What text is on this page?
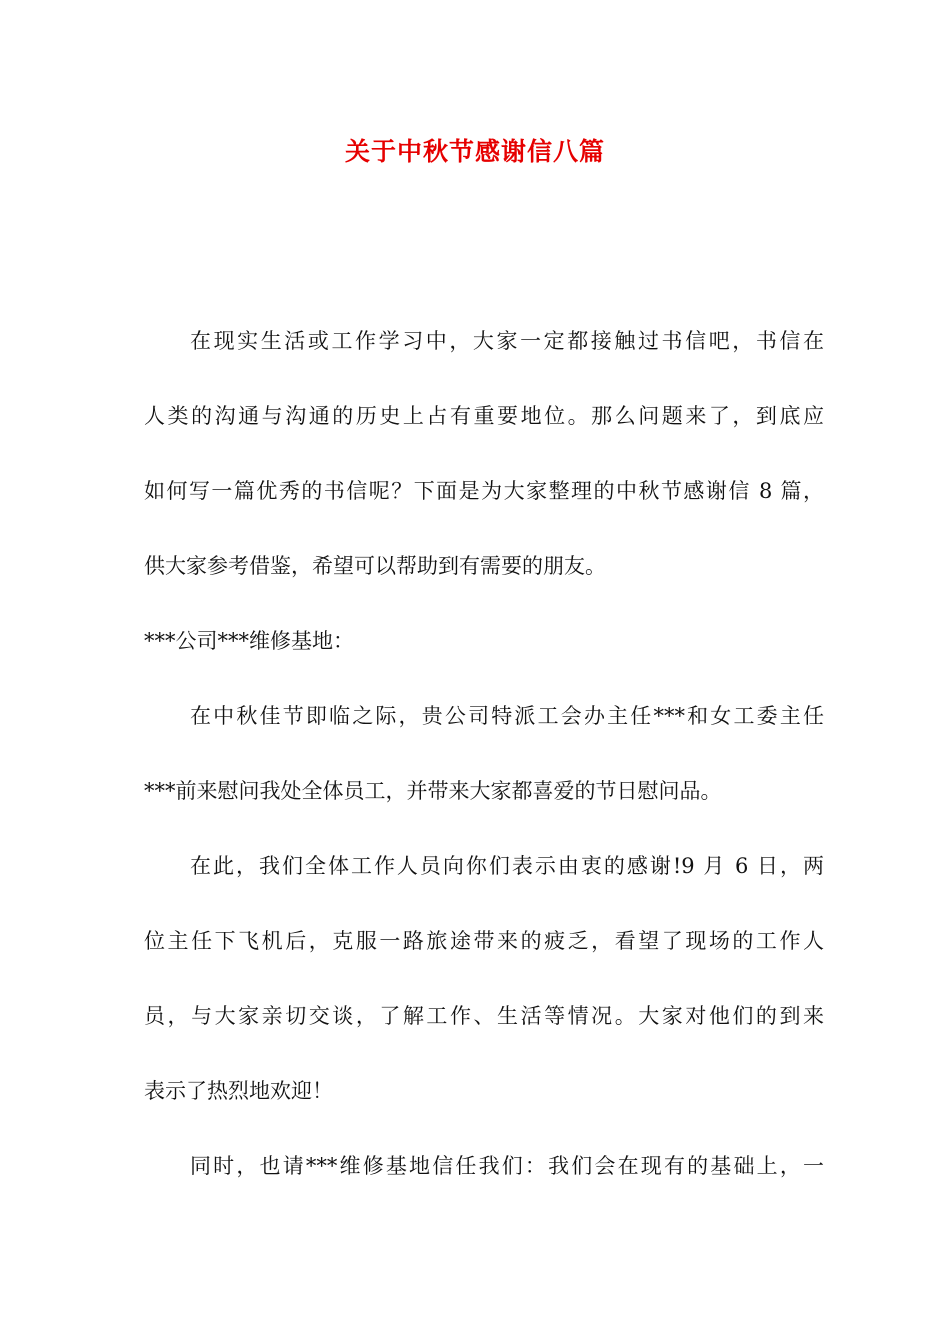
关于中秋节感谢信八篇
在现实生活或工作学习中，大家一定都接触过书信吧，书信在
人类的沟通与沟通的历史上占有重要地位。那么问题来了，到底应
如何写一篇优秀的书信呢？下面是为大家整理的中秋节感谢信 8 篇，
供大家参考借鉴，希望可以帮助到有需要的朋友。
***公司***维修基地：
在中秋佳节即临之际，贵公司特派工会办主任***和女工委主任
***前来慰问我处全体员工，并带来大家都喜爱的节日慰问品。
在此，我们全体工作人员向你们表示由衷的感谢!9 月 6 日，两
位主任下飞机后，克服一路旅途带来的疲乏，看望了现场的工作人
员，与大家亲切交谈，了解工作、生活等情况。大家对他们的到来
表示了热烈地欢迎！
同时，也请***维修基地信任我们：我们会在现有的基础上，一
